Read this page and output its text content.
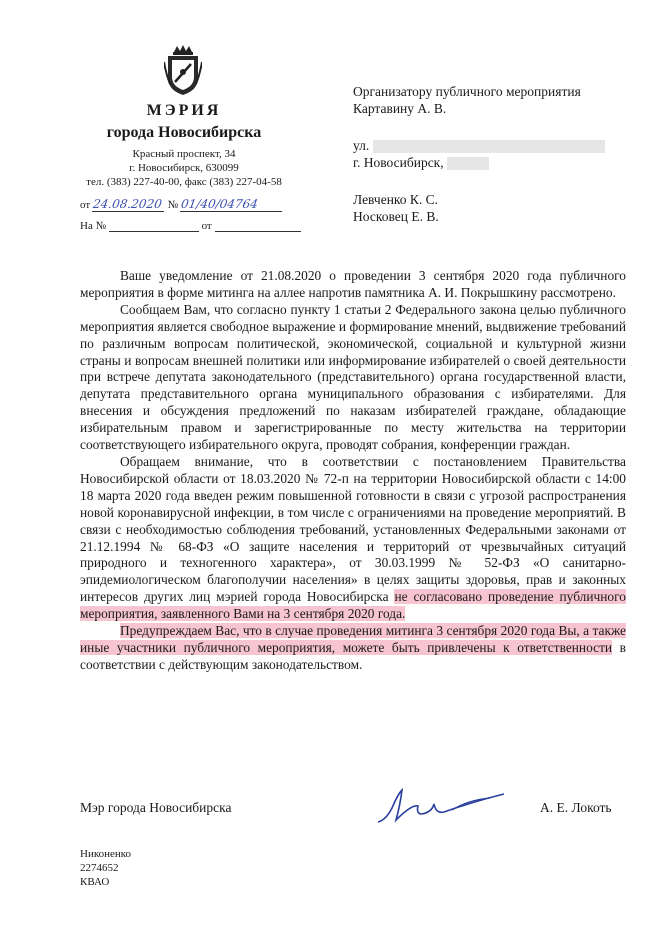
МЭРИЯ
города Новосибирска
Красный проспект, 34
г. Новосибирск, 630099
тел. (383) 227-40-00, факс (383) 227-04-58
от 24.08.2020 № 01/40/04764
На №	от
Организатору публичного мероприятия
Картавину А. В.
ул.
г. Новосибирск,
Левченко К. С.
Носковец Е. В.

Ваше уведомление от 21.08.2020 о проведении 3 сентября 2020 года публичного мероприятия в форме митинга на аллее напротив памятника А. И. Покрышкину рассмотрено.

Сообщаем Вам, что согласно пункту 1 статьи 2 Федерального закона целью публичного мероприятия является свободное выражение и формирование мнений, выдвижение требований по различным вопросам политической, экономической, социальной и культурной жизни страны и вопросам внешней политики или информирование избирателей о своей деятельности при встрече депутата законодательного (представительного) органа государственной власти, депутата представительного органа муниципального образования с избирателями. Для внесения и обсуждения предложений по наказам избирателей граждане, обладающие избирательным правом и зарегистрированные по месту жительства на территории соответствующего избирательного округа, проводят собрания, конференции граждан.

Обращаем внимание, что в соответствии с постановлением Правительства Новосибирской области от 18.03.2020 № 72-п на территории Новосибирской области с 14:00 18 марта 2020 года введен режим повышенной готовности в связи с угрозой распространения новой коронавирусной инфекции, в том числе с ограничениями на проведение мероприятий. В связи с необходимостью соблюдения требований, установленных Федеральными законами от 21.12.1994 № 68-ФЗ «О защите населения и территорий от чрезвычайных ситуаций природного и техногенного характера», от 30.03.1999 № 52-ФЗ «О санитарно-эпидемиологическом благополучии населения» в целях защиты здоровья, прав и законных интересов других лиц мэрией города Новосибирска не согласовано проведение публичного мероприятия, заявленного Вами на 3 сентября 2020 года.

Предупреждаем Вас, что в случае проведения митинга 3 сентября 2020 года Вы, а также иные участники публичного мероприятия, можете быть привлечены к ответственности в соответствии с действующим законодательством.

Мэр города Новосибирска	А. Е. Локоть
Никоненко
2274652
КВАО
